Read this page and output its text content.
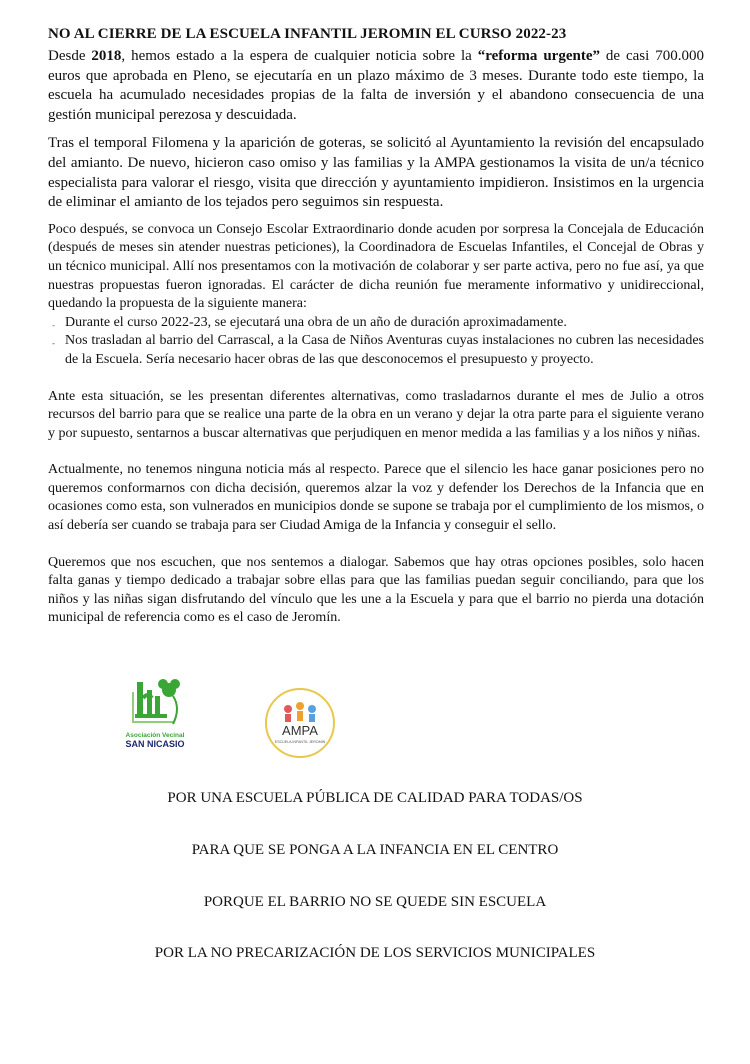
NO AL CIERRE DE LA ESCUELA INFANTIL JEROMIN EL CURSO 2022-23

Desde 2018, hemos estado a la espera de cualquier noticia sobre la “reforma urgente” de casi 700.000 euros que aprobada en Pleno, se ejecutaría en un plazo máximo de 3 meses. Durante todo este tiempo, la escuela ha acumulado necesidades propias de la falta de inversión y el abandono consecuencia de una gestión municipal perezosa y descuidada.

Tras el temporal Filomena y la aparición de goteras, se solicitó al Ayuntamiento la revisión del encapsulado del amianto. De nuevo, hicieron caso omiso y las familias y la AMPA gestionamos la visita de un/a técnico especialista para valorar el riesgo, visita que dirección y ayuntamiento impidieron. Insistimos en la urgencia de eliminar el amianto de los tejados pero seguimos sin respuesta.

Poco después, se convoca un Consejo Escolar Extraordinario donde acuden por sorpresa la Concejala de Educación (después de meses sin atender nuestras peticiones), la Coordinadora de Escuelas Infantiles, el Concejal de Obras y un técnico municipal. Allí nos presentamos con la motivación de colaborar y ser parte activa, pero no fue así, ya que nuestras propuestas fueron ignoradas. El carácter de dicha reunión fue meramente informativo y unidireccional, quedando la propuesta de la siguiente manera:

- Durante el curso 2022-23, se ejecutará una obra de un año de duración aproximadamente.
- Nos trasladan al barrio del Carrascal, a la Casa de Niños Aventuras cuyas instalaciones no cubren las necesidades de la Escuela. Sería necesario hacer obras de las que desconocemos el presupuesto y proyecto.

Ante esta situación, se les presentan diferentes alternativas, como trasladarnos durante el mes de Julio a otros recursos del barrio para que se realice una parte de la obra en un verano y dejar la otra parte para el siguiente verano y por supuesto, sentarnos a buscar alternativas que perjudiquen en menor medida a las familias y a los niños y niñas.

Actualmente, no tenemos ninguna noticia más al respecto. Parece que el silencio les hace ganar posiciones pero no queremos conformarnos con dicha decisión, queremos alzar la voz y defender los Derechos de la Infancia que en ocasiones como esta, son vulnerados en municipios donde se supone se trabaja por el cumplimiento de los mismos, o así debería ser cuando se trabaja para ser Ciudad Amiga de la Infancia y conseguir el sello.

Queremos que nos escuchen, que nos sentemos a dialogar. Sabemos que hay otras opciones posibles, solo hacen falta ganas y tiempo dedicado a trabajar sobre ellas para que las familias puedan seguir conciliando, para que los niños y las niñas sigan disfrutando del vínculo que les une a la Escuela y para que el barrio no pierda una dotación municipal de referencia como es el caso de Jeromín.

Asociación Vecinal
SAN NICASIO
AMPA
ESCUELA INFANTIL JEROMIN
POR UNA ESCUELA PÚBLICA DE CALIDAD PARA TODAS/OS
PARA QUE SE PONGA A LA INFANCIA EN EL CENTRO
PORQUE EL BARRIO NO SE QUEDE SIN ESCUELA
POR LA NO PRECARIZACIÓN DE LOS SERVICIOS MUNICIPALES
